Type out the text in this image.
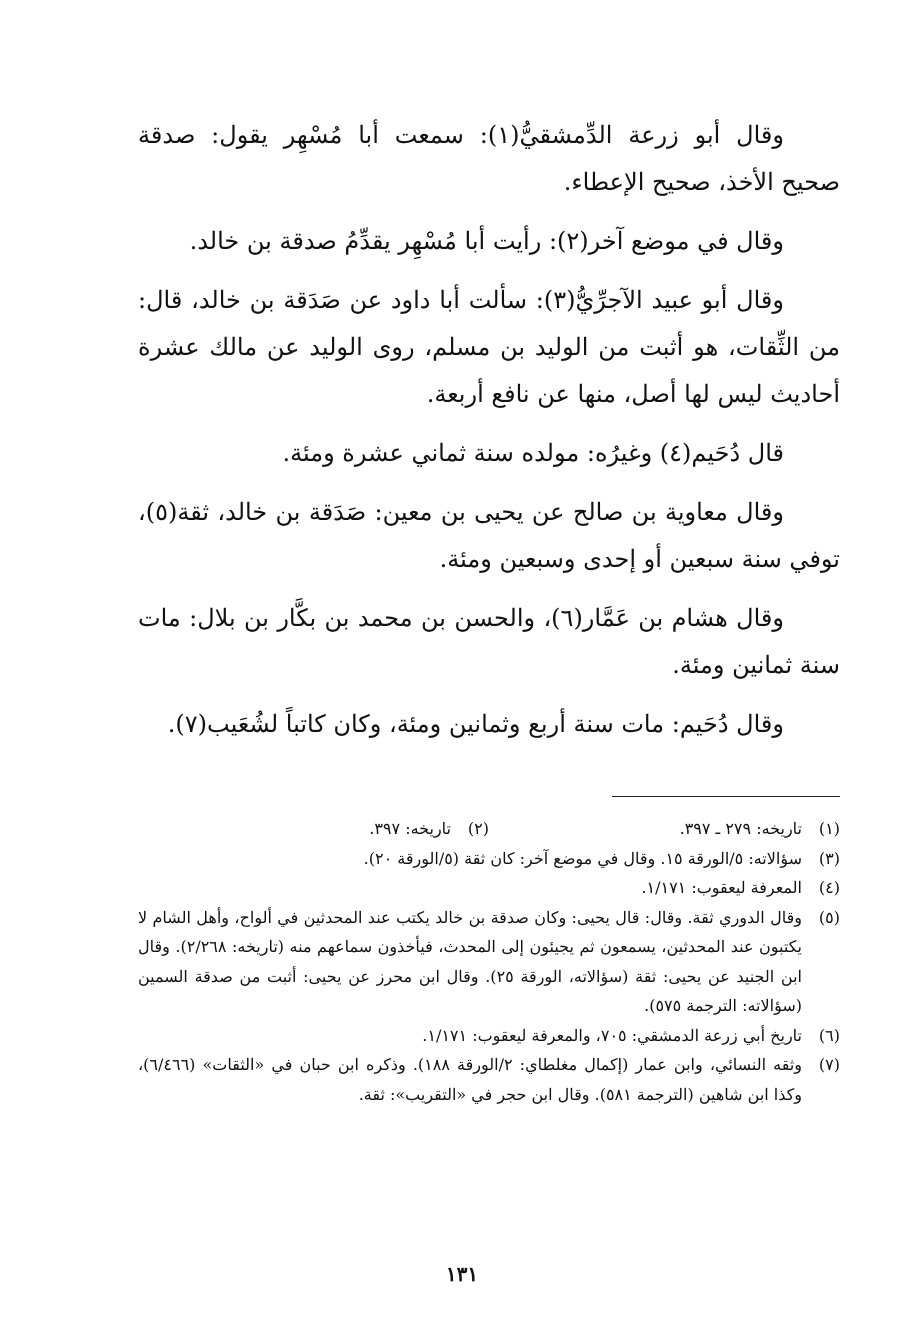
وقال أبو زرعة الدِّمشقيُّ(١): سمعت أبا مُسْهِر يقول: صدقة صحيح الأخذ، صحيح الإعطاء.

وقال في موضع آخر(٢): رأيت أبا مُسْهِر يقدِّمُ صدقة بن خالد.

وقال أبو عبيد الآجرِّيُّ(٣): سألت أبا داود عن صَدَقة بن خالد، قال: من الثِّقات، هو أثبت من الوليد بن مسلم، روى الوليد عن مالك عشرة أحاديث ليس لها أصل، منها عن نافع أربعة.

قال دُحَيم(٤) وغيرُه: مولده سنة ثماني عشرة ومئة.

وقال معاوية بن صالح عن يحيى بن معين: صَدَقة بن خالد، ثقة(٥)، توفي سنة سبعين أو إحدى وسبعين ومئة.

وقال هشام بن عَمَّار(٦)، والحسن بن محمد بن بكَّار بن بلال: مات سنة ثمانين ومئة.

وقال دُحَيم: مات سنة أربع وثمانين ومئة، وكان كاتباً لشُعَيب(٧).

(١)
تاريخه: ٢٧٩ ـ ٣٩٧.
(٢)
تاريخه: ٣٩٧.
(٣)
سؤالاته: ٥/الورقة ١٥. وقال في موضع آخر: كان ثقة (٥/الورقة ٢٠).
(٤)
المعرفة ليعقوب: ١/١٧١.
(٥)
وقال الدوري ثقة. وقال: قال يحيى: وكان صدقة بن خالد يكتب عند المحدثين في ألواح، وأهل الشام لا يكتبون عند المحدثين، يسمعون ثم يجيئون إلى المحدث، فيأخذون سماعهم منه (تاريخه: ٢/٢٦٨). وقال ابن الجنيد عن يحيى: ثقة (سؤالاته، الورقة ٢٥). وقال ابن محرز عن يحيى: أثبت من صدقة السمين (سؤالاته: الترجمة ٥٧٥).
(٦)
تاريخ أبي زرعة الدمشقي: ٧٠٥، والمعرفة ليعقوب: ١/١٧١.
(٧)
وثقه النسائي، وابن عمار (إكمال مغلطاي: ٢/الورقة ١٨٨). وذكره ابن حبان في «الثقات» (٦/٤٦٦)، وكذا ابن شاهين (الترجمة ٥٨١). وقال ابن حجر في «التقريب»: ثقة.
١٣١
